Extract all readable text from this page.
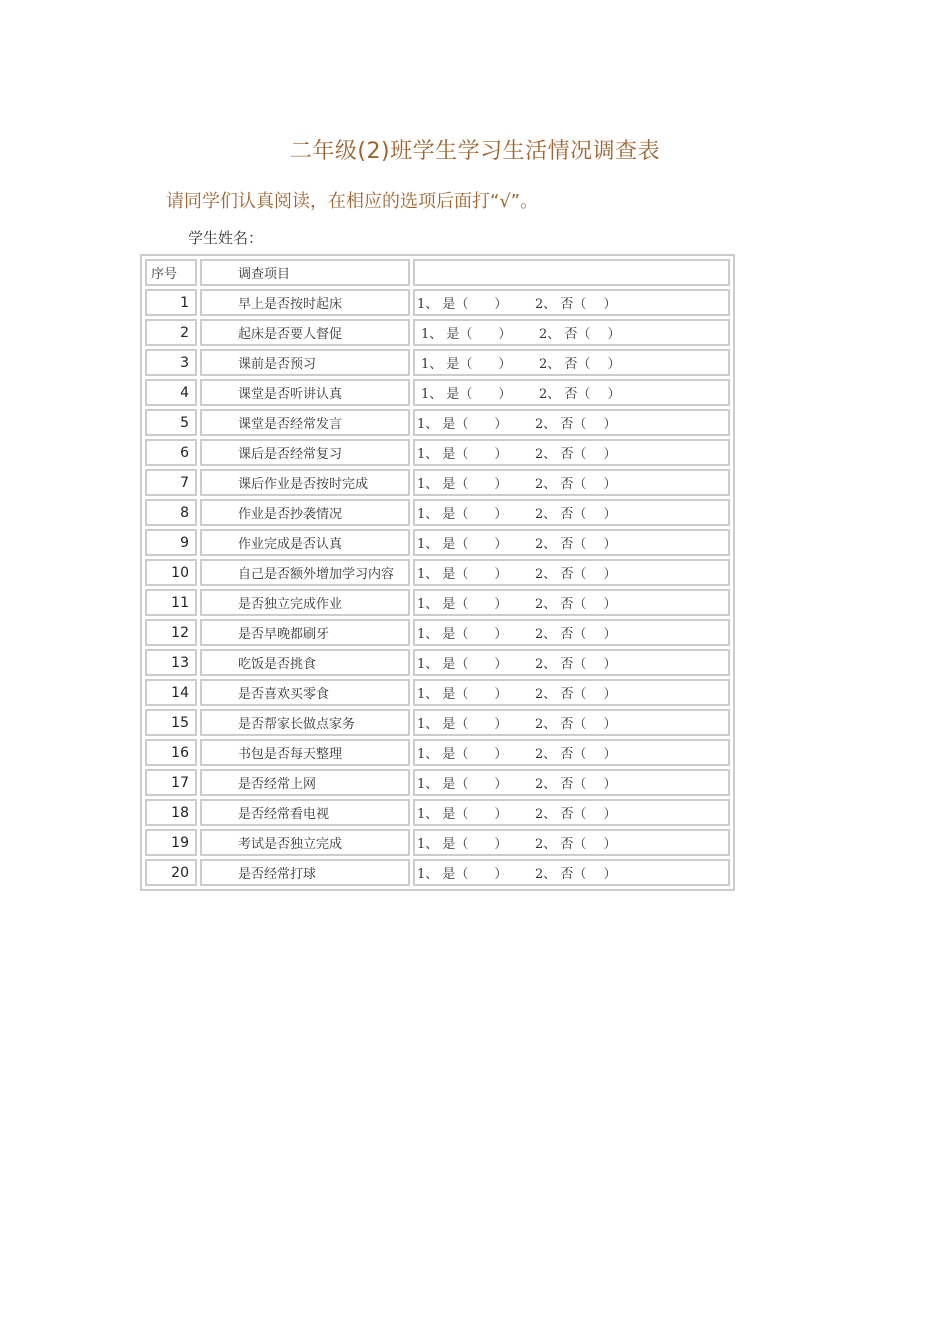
二年级(2)班学生学习生活情况调查表

请同学们认真阅读，在相应的选项后面打“√”。

学生姓名：

序号	调查项目	
1	早上是否按时起床	1、 是（　　） 2、 否（　 ）
2	起床是否要人督促	1、 是（　　） 2、 否（　 ）
3	课前是否预习	1、 是（　　） 2、 否（　 ）
4	课堂是否听讲认真	1、 是（　　） 2、 否（　 ）
5	课堂是否经常发言	1、 是（　　） 2、 否（　 ）
6	课后是否经常复习	1、 是（　　） 2、 否（　 ）
7	课后作业是否按时完成	1、 是（　　） 2、 否（　 ）
8	作业是否抄袭情况	1、 是（　　） 2、 否（　 ）
9	作业完成是否认真	1、 是（　　） 2、 否（　 ）
10	自己是否额外增加学习内容	1、 是（　　） 2、 否（　 ）
11	是否独立完成作业	1、 是（　　） 2、 否（　 ）
12	是否早晚都刷牙	1、 是（　　） 2、 否（　 ）
13	吃饭是否挑食	1、 是（　　） 2、 否（　 ）
14	是否喜欢买零食	1、 是（　　） 2、 否（　 ）
15	是否帮家长做点家务	1、 是（　　） 2、 否（　 ）
16	书包是否每天整理	1、 是（　　） 2、 否（　 ）
17	是否经常上网	1、 是（　　） 2、 否（　 ）
18	是否经常看电视	1、 是（　　） 2、 否（　 ）
19	考试是否独立完成	1、 是（　　） 2、 否（　 ）
20	是否经常打球	1、 是（　　） 2、 否（　 ）
